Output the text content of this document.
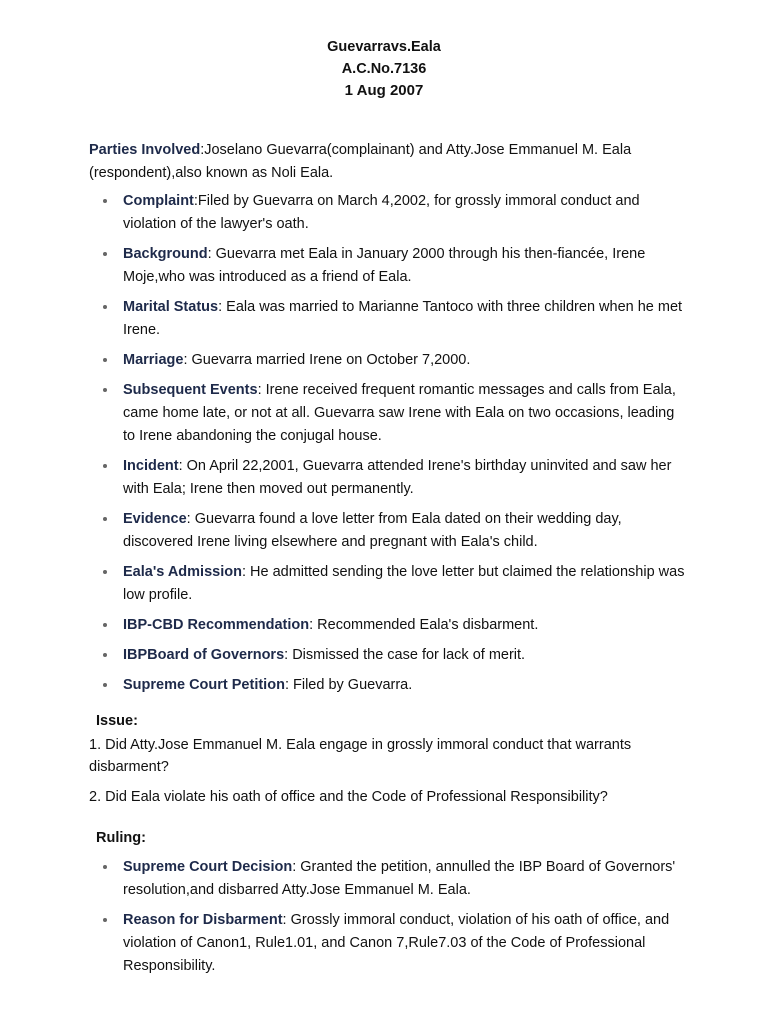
Guevarravs.Eala
A.C.No.7136
1 Aug 2007
Parties Involved:Joselano Guevarra(complainant) and Atty.Jose Emmanuel M. Eala (respondent),also known as Noli Eala.
Complaint:Filed by Guevarra on March 4,2002, for grossly immoral conduct and violation of the lawyer's oath.
Background: Guevarra met Eala in January 2000 through his then-fiancée, Irene Moje,who was introduced as a friend of Eala.
Marital Status: Eala was married to Marianne Tantoco with three children when he met Irene.
Marriage: Guevarra married Irene on October 7,2000.
Subsequent Events: Irene received frequent romantic messages and calls from Eala, came home late, or not at all. Guevarra saw Irene with Eala on two occasions, leading to Irene abandoning the conjugal house.
Incident: On April 22,2001, Guevarra attended Irene's birthday uninvited and saw her with Eala; Irene then moved out permanently.
Evidence: Guevarra found a love letter from Eala dated on their wedding day, discovered Irene living elsewhere and pregnant with Eala's child.
Eala's Admission: He admitted sending the love letter but claimed the relationship was low profile.
IBP-CBD Recommendation: Recommended Eala's disbarment.
IBPBoard of Governors: Dismissed the case for lack of merit.
Supreme Court Petition: Filed by Guevarra.
Issue:
1. Did Atty.Jose Emmanuel M. Eala engage in grossly immoral conduct that warrants disbarment?
2. Did Eala violate his oath of office and the Code of Professional Responsibility?
Ruling:
Supreme Court Decision: Granted the petition, annulled the IBP Board of Governors' resolution,and disbarred Atty.Jose Emmanuel M. Eala.
Reason for Disbarment: Grossly immoral conduct, violation of his oath of office, and violation of Canon1, Rule1.01, and Canon 7,Rule7.03 of the Code of Professional Responsibility.
